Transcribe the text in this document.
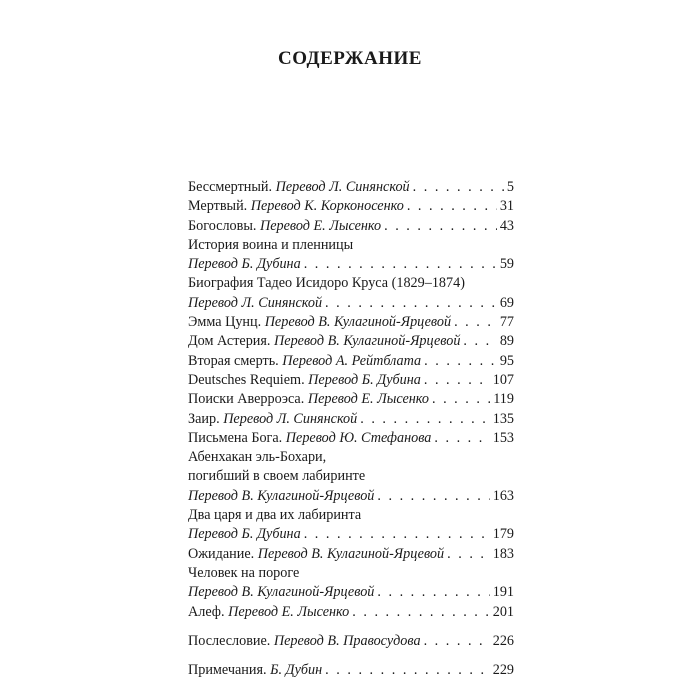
СОДЕРЖАНИЕ
Бессмертный. Перевод Л. Синянской . . .	5
Мертвый. Перевод К. Корконосенко . . .	31
Богословы. Перевод Е. Лысенко . . .	43
История воина и пленницы
Перевод Б. Дубина . . .	59
Биография Тадео Исидоро Круса (1829–1874)
Перевод Л. Синянской . . .	69
Эмма Цунц. Перевод В. Кулагиной-Ярцевой . . .	77
Дом Астерия. Перевод В. Кулагиной-Ярцевой . . .	89
Вторая смерть. Перевод А. Рейтблата . . .	95
Deutsches Requiem. Перевод Б. Дубина . . .	107
Поиски Аверроэса. Перевод Е. Лысенко . . .	119
Заир. Перевод Л. Синянской . . .	135
Письмена Бога. Перевод Ю. Стефанова . . .	153
Абенхакан эль-Бохари,
погибший в своем лабиринте
Перевод В. Кулагиной-Ярцевой . . .	163
Два царя и два их лабиринта
Перевод Б. Дубина . . .	179
Ожидание. Перевод В. Кулагиной-Ярцевой . . .	183
Человек на пороге
Перевод В. Кулагиной-Ярцевой . . .	191
Алеф. Перевод Е. Лысенко . . .	201
Послесловие. Перевод В. Правосудова . . .	226
Примечания. Б. Дубин . . .	229
